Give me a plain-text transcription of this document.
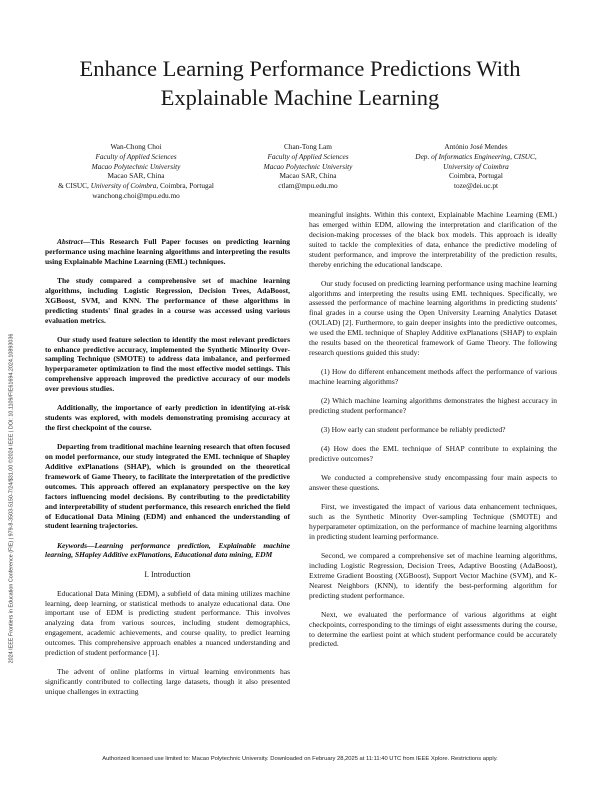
Enhance Learning Performance Predictions With
Explainable Machine Learning
Wan-Chong Choi
Faculty of Applied Sciences
Macao Polytechnic University
Macao SAR, China
& CISUC, University of Coimbra, Coimbra, Portugal
wanchong.choi@mpu.edu.mo
Chan-Tong Lam
Faculty of Applied Sciences
Macao Polytechnic University
Macao SAR, China
ctlam@mpu.edu.mo
António José Mendes
Dep. of Informatics Engineering, CISUC,
University of Coimbra
Coimbra, Portugal
toze@dei.uc.pt
2024 IEEE Frontiers in Education Conference (FIE) | 979-8-3503-5150-7/24/$31.00 ©2024 IEEE | DOI: 10.1109/FIE61694.2024.10893036

Abstract—This Research Full Paper focuses on predicting learning performance using machine learning algorithms and interpreting the results using Explainable Machine Learning (EML) techniques.

The study compared a comprehensive set of machine learning algorithms, including Logistic Regression, Decision Trees, AdaBoost, XGBoost, SVM, and KNN. The performance of these algorithms in predicting students' final grades in a course was accessed using various evaluation metrics.

Our study used feature selection to identify the most relevant predictors to enhance predictive accuracy, implemented the Synthetic Minority Over-sampling Technique (SMOTE) to address data imbalance, and performed hyperparameter optimization to find the most effective model settings. This comprehensive approach improved the predictive accuracy of our models over previous studies.

Additionally, the importance of early prediction in identifying at-risk students was explored, with models demonstrating promising accuracy at the first checkpoint of the course.

Departing from traditional machine learning research that often focused on model performance, our study integrated the EML technique of Shapley Additive exPlanations (SHAP), which is grounded on the theoretical framework of Game Theory, to facilitate the interpretation of the predictive outcomes. This approach offered an explanatory perspective on the key factors influencing model decisions. By contributing to the predictability and interpretability of student performance, this research enriched the field of Educational Data Mining (EDM) and enhanced the understanding of student learning trajectories.

Keywords—Learning performance prediction, Explainable machine learning, SHapley Additive exPlanations, Educational data mining, EDM

I. Introduction

Educational Data Mining (EDM), a subfield of data mining utilizes machine learning, deep learning, or statistical methods to analyze educational data. One important use of EDM is predicting student performance. This involves analyzing data from various sources, including student demographics, engagement, academic achievements, and course quality, to predict learning outcomes. This comprehensive approach enables a nuanced understanding and prediction of student performance [1].

The advent of online platforms in virtual learning environments has significantly contributed to collecting large datasets, though it also presented unique challenges in extracting

meaningful insights. Within this context, Explainable Machine Learning (EML) has emerged within EDM, allowing the interpretation and clarification of the decision-making processes of the black box models. This approach is ideally suited to tackle the complexities of data, enhance the predictive modeling of student performance, and improve the interpretability of the prediction results, thereby enriching the educational landscape.

Our study focused on predicting learning performance using machine learning algorithms and interpreting the results using EML techniques. Specifically, we assessed the performance of machine learning algorithms in predicting students' final grades in a course using the Open University Learning Analytics Dataset (OULAD) [2]. Furthermore, to gain deeper insights into the predictive outcomes, we used the EML technique of Shapley Additive exPlanations (SHAP) to explain the results based on the theoretical framework of Game Theory. The following research questions guided this study:

(1) How do different enhancement methods affect the performance of various machine learning algorithms?

(2) Which machine learning algorithms demonstrates the highest accuracy in predicting student performance?

(3) How early can student performance be reliably predicted?

(4) How does the EML technique of SHAP contribute to explaining the predictive outcomes?

We conducted a comprehensive study encompassing four main aspects to answer these questions.

First, we investigated the impact of various data enhancement techniques, such as the Synthetic Minority Over-sampling Technique (SMOTE) and hyperparameter optimization, on the performance of machine learning algorithms in predicting student learning performance.

Second, we compared a comprehensive set of machine learning algorithms, including Logistic Regression, Decision Trees, Adaptive Boosting (AdaBoost), Extreme Gradient Boosting (XGBoost), Support Vector Machine (SVM), and K-Nearest Neighbors (KNN), to identify the best-performing algorithm for predicting student performance.

Next, we evaluated the performance of various algorithms at eight checkpoints, corresponding to the timings of eight assessments during the course, to determine the earliest point at which student performance could be accurately predicted.

Authorized licensed use limited to: Macao Polytechnic University. Downloaded on February 28,2025 at 11:11:40 UTC from IEEE Xplore. Restrictions apply.
